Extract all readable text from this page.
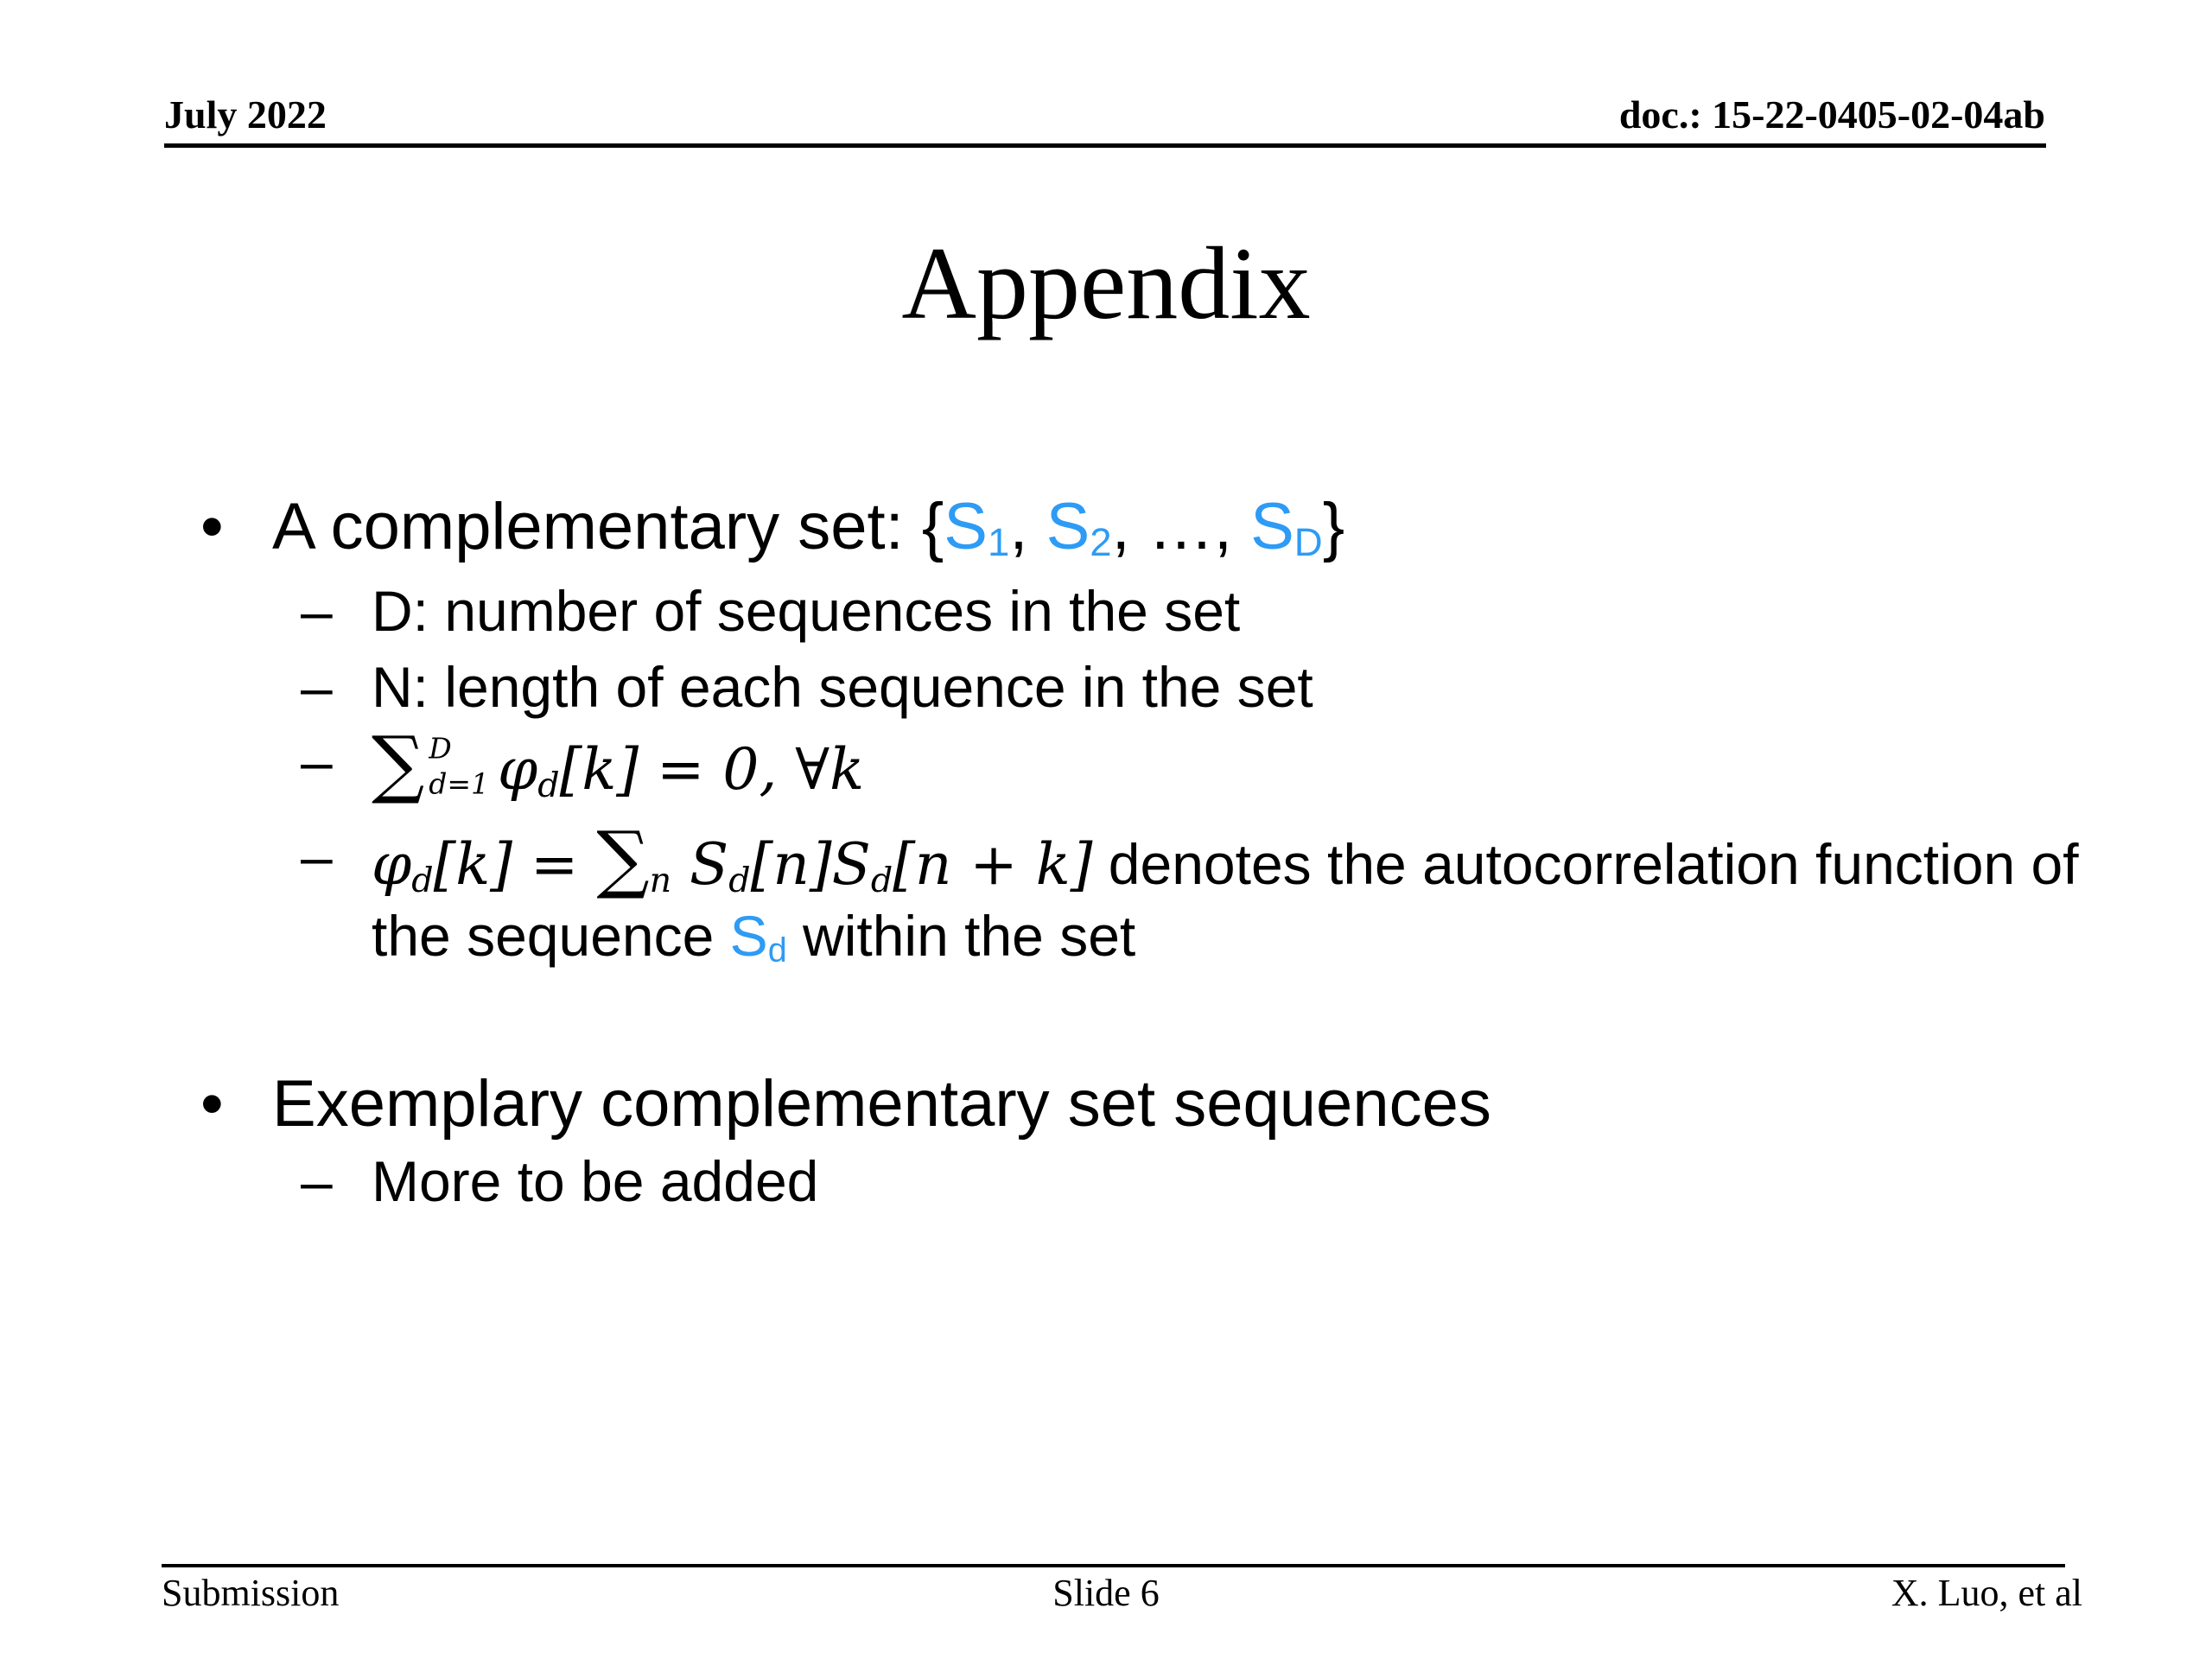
July 2022	doc.: 15-22-0405-02-04ab
Appendix
• A complementary set: {$S_1$, $S_2$, …, $S_D$}
– D: number of sequences in the set
– N: length of each sequence in the set
– ∑ D
d=1 $\varphi_d[k] = 0$, ∀k
– $\varphi_d[k] = \sum_n$ $S_d[n]S_d[n + k]$ denotes the autocorrelation function of
the sequence $S_d$ within the set
• Exemplary complementary set sequences
– More to be added
Submission	Slide 6	X. Luo, et al
